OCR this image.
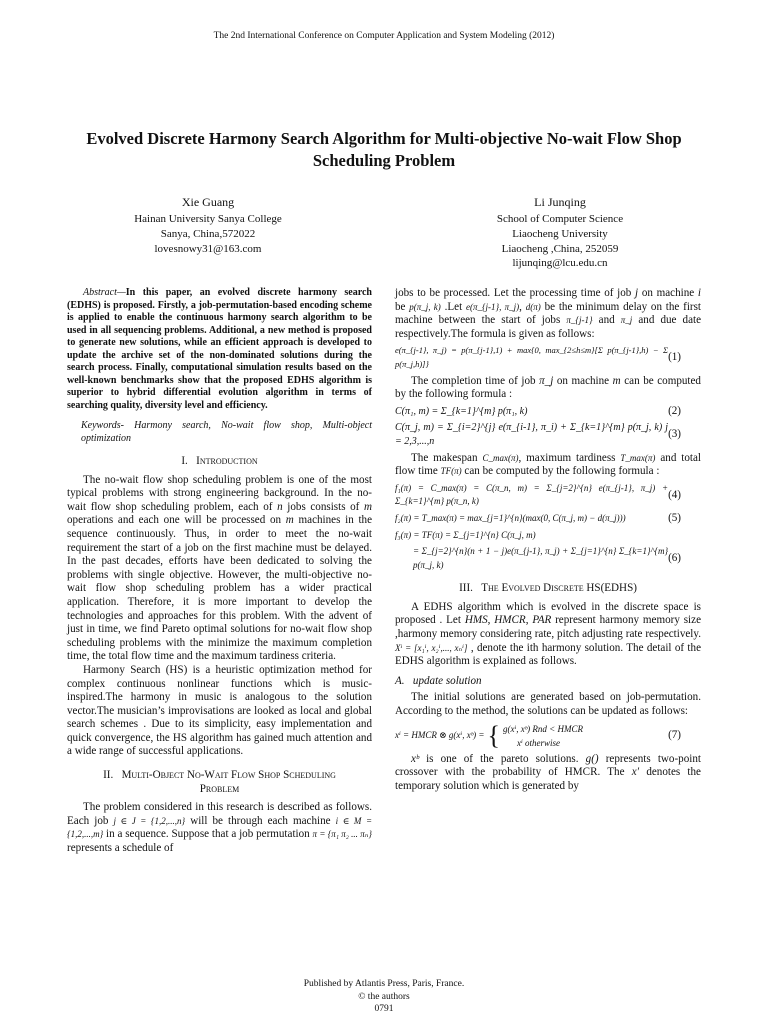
The 2nd International Conference on Computer Application and System Modeling (2012)
Evolved Discrete Harmony Search Algorithm for Multi-objective No-wait Flow Shop Scheduling Problem
Xie Guang
Hainan University Sanya College
Sanya, China,572022
lovesnowy31@163.com
Li Junqing
School of Computer Science
Liaocheng University
Liaocheng ,China, 252059
lijunqing@lcu.edu.cn

Abstract—In this paper, an evolved discrete harmony search (EDHS) is proposed. Firstly, a job-permutation-based encoding scheme is applied to enable the continuous harmony search algorithm to be used in all sequencing problems. Additional, a new method is proposed to generate new solutions, while an efficient approach is developed to update the archive set of the non-dominated solutions during the search process. Finally, computational simulation results based on the well-known benchmarks show that the proposed EDHS algorithm is superior to hybrid differential evolution algorithm in terms of searching quality, diversity level and efficiency.

Keywords- Harmony search, No-wait flow shop, Multi-object optimization

I. Introduction

The no-wait flow shop scheduling problem is one of the most typical problems with strong engineering background. In the no-wait flow shop scheduling problem, each of n jobs consists of m operations and each one will be processed on m machines in the sequence continuously. Thus, in order to meet the no-wait requirement the start of a job on the first machine must be delayed. In the past decades, efforts have been dedicated to solving the problems with single objective. However, the multi-objective no-wait flow shop scheduling problem has a wider practical application. Therefore, it is more important to develop the technologies and approaches for this problem. With the advent of just in time, we find Pareto optimal solutions for no-wait flow shop scheduling problems with the minimize the maximum completion time, the total flow time and the maximum tardiness criteria.

Harmony Search (HS) is a heuristic optimization method for complex continuous nonlinear functions which is music-inspired.The harmony in music is analogous to the solution vector.The musician’s improvisations are looked as local and global search schemes . Due to its simplicity, easy implementation and quick convergence, the HS algorithm has gained much attention and a wide range of successful applications.

II. Multi-Object No-Wait Flow Shop Scheduling
Problem

The problem considered in this research is described as follows. Each job j ∈ J = {1,2,...,n} will be through each machine i ∈ M = {1,2,...,m} in a sequence. Suppose that a job permutation π = {π₁ π₂ ... πₙ} represents a schedule of

jobs to be processed. Let the processing time of job j on machine i be p(π_j, k) .Let e(π_{j-1}, π_j), d(π) be the minimum delay on the first machine between the start of jobs π_{j-1} and π_j and due date respectively.The formula is given as follows:

e(π_{j-1}, π_j) = p(π_{j-1},1) + max{0, max_{2≤h≤m}[Σ p(π_{j-1},h) − Σ p(π_j,h)]}
(1)

The completion time of job π_j on machine m can be computed by the following formula :

C(π₁, m) = Σ_{k=1}^{m} p(π₁, k)	(2)
C(π_j, m) = Σ_{i=2}^{j} e(π_{i-1}, π_i) + Σ_{k=1}^{m} p(π_j, k) j = 2,3,...,n
(3)

The makespan C_max(π), maximum tardiness T_max(π) and total flow time TF(π) can be computed by the following formula :

f₁(π) = C_max(π) = C(π_n, m) = Σ_{j=2}^{n} e(π_{j-1}, π_j) + Σ_{k=1}^{m} p(π_n, k)
(4)
f₂(π) = T_max(π) = max_{j=1}^{n}(max(0, C(π_j, m) − d(π_j)))	(5)
f₃(π) = TF(π) = Σ_{j=1}^{n} C(π_j, m)
= Σ_{j=2}^{n}(n + 1 − j)e(π_{j-1}, π_j) + Σ_{j=1}^{n} Σ_{k=1}^{m} p(π_j, k)
(6)
III. The Evolved Discrete HS(EDHS)

A EDHS algorithm which is evolved in the discrete space is proposed . Let HMS, HMCR, PAR represent harmony memory size ,harmony memory considering rate, pitch adjusting rate respectively. Xⁱ = [x₁ⁱ, x₂ⁱ,..., xₙⁱ] , denote the ith harmony solution. The detail of the EDHS algorithm is explained as follows.

A. update solution

The initial solutions are generated based on job-permutation. According to the method, the solutions can be updated as follows:

xⁱ = HMCR ⊗ g(xⁱ, xᵇ) = { g(xⁱ, xᵇ) Rnd < HMCR
xⁱ otherwise
(7)

xᵇ is one of the pareto solutions. g() represents two-point crossover with the probability of HMCR. The x′ denotes the temporary solution which is generated by

Published by Atlantis Press, Paris, France.
© the authors
0791
